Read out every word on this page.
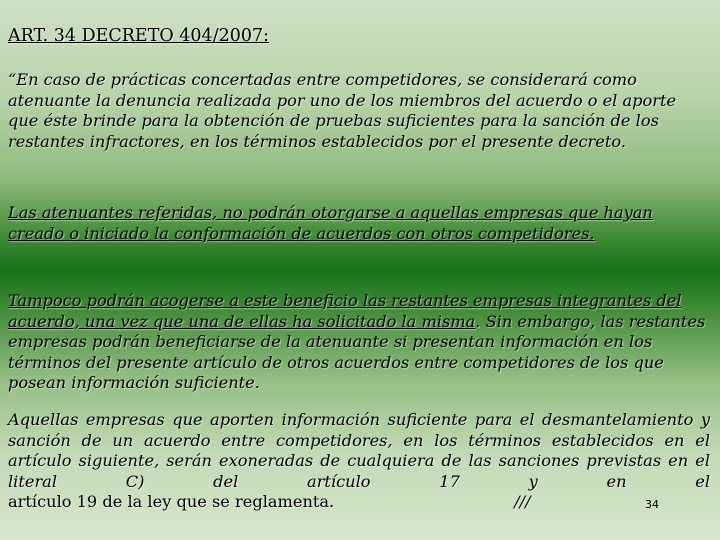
ART. 34 DECRETO 404/2007:
“En caso de prácticas concertadas entre competidores, se considerará como atenuante la denuncia realizada por uno de los miembros del acuerdo o el aporte que éste brinde para la obtención de pruebas suficientes para la sanción de los restantes infractores, en los términos establecidos por el presente decreto.
Las atenuantes referidas, no podrán otorgarse a aquellas empresas que hayan creado o iniciado la conformación de acuerdos con otros competidores.
Tampoco podrán acogerse a este beneficio las restantes empresas integrantes del acuerdo, una vez que una de ellas ha solicitado la misma. Sin embargo, las restantes empresas podrán beneficiarse de la atenuante si presentan información en los términos del presente artículo de otros acuerdos entre competidores de los que posean información suficiente.
Aquellas empresas que aporten información suficiente para el desmantelamiento y sanción de un acuerdo entre competidores, en los términos establecidos en el artículo siguiente, serán exoneradas de cualquiera de las sanciones previstas en el literal C) del artículo 17 y en el artículo 19 de la ley que se reglamenta.	///	34
